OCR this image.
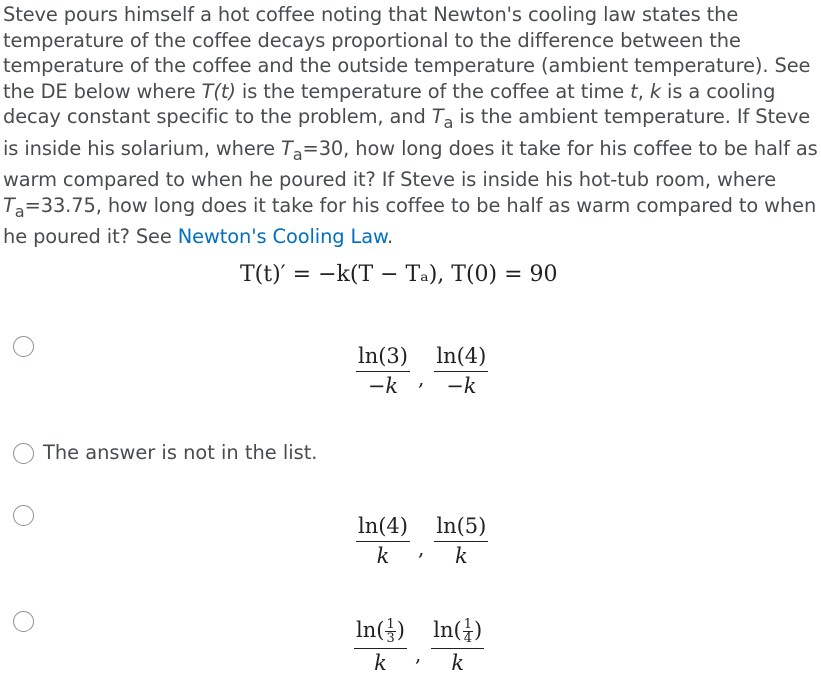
Steve pours himself a hot coffee noting that Newton's cooling law states the temperature of the coffee decays proportional to the difference between the temperature of the coffee and the outside temperature (ambient temperature). See the DE below where T(t) is the temperature of the coffee at time t, k is a cooling decay constant specific to the problem, and $T_a$ is the ambient temperature. If Steve is inside his solarium, where $T_a=30$, how long does it take for his coffee to be half as warm compared to when he poured it? If Steve is inside his hot-tub room, where $T_a=33.75$, how long does it take for his coffee to be half as warm compared to when he poured it? See Newton's Cooling Law.
T(t)′ = −k(T − Tₐ), T(0) = 90
$\frac{\ln(3)}{-k}$ , $\frac{\ln(4)}{-k}$
The answer is not in the list.
$\frac{\ln(4)}{k}$ , $\frac{\ln(5)}{k}$
$\frac{\ln( \frac{1}{3} )}{k}$ , $\frac{\ln( \frac{1}{4} )}{k}$
